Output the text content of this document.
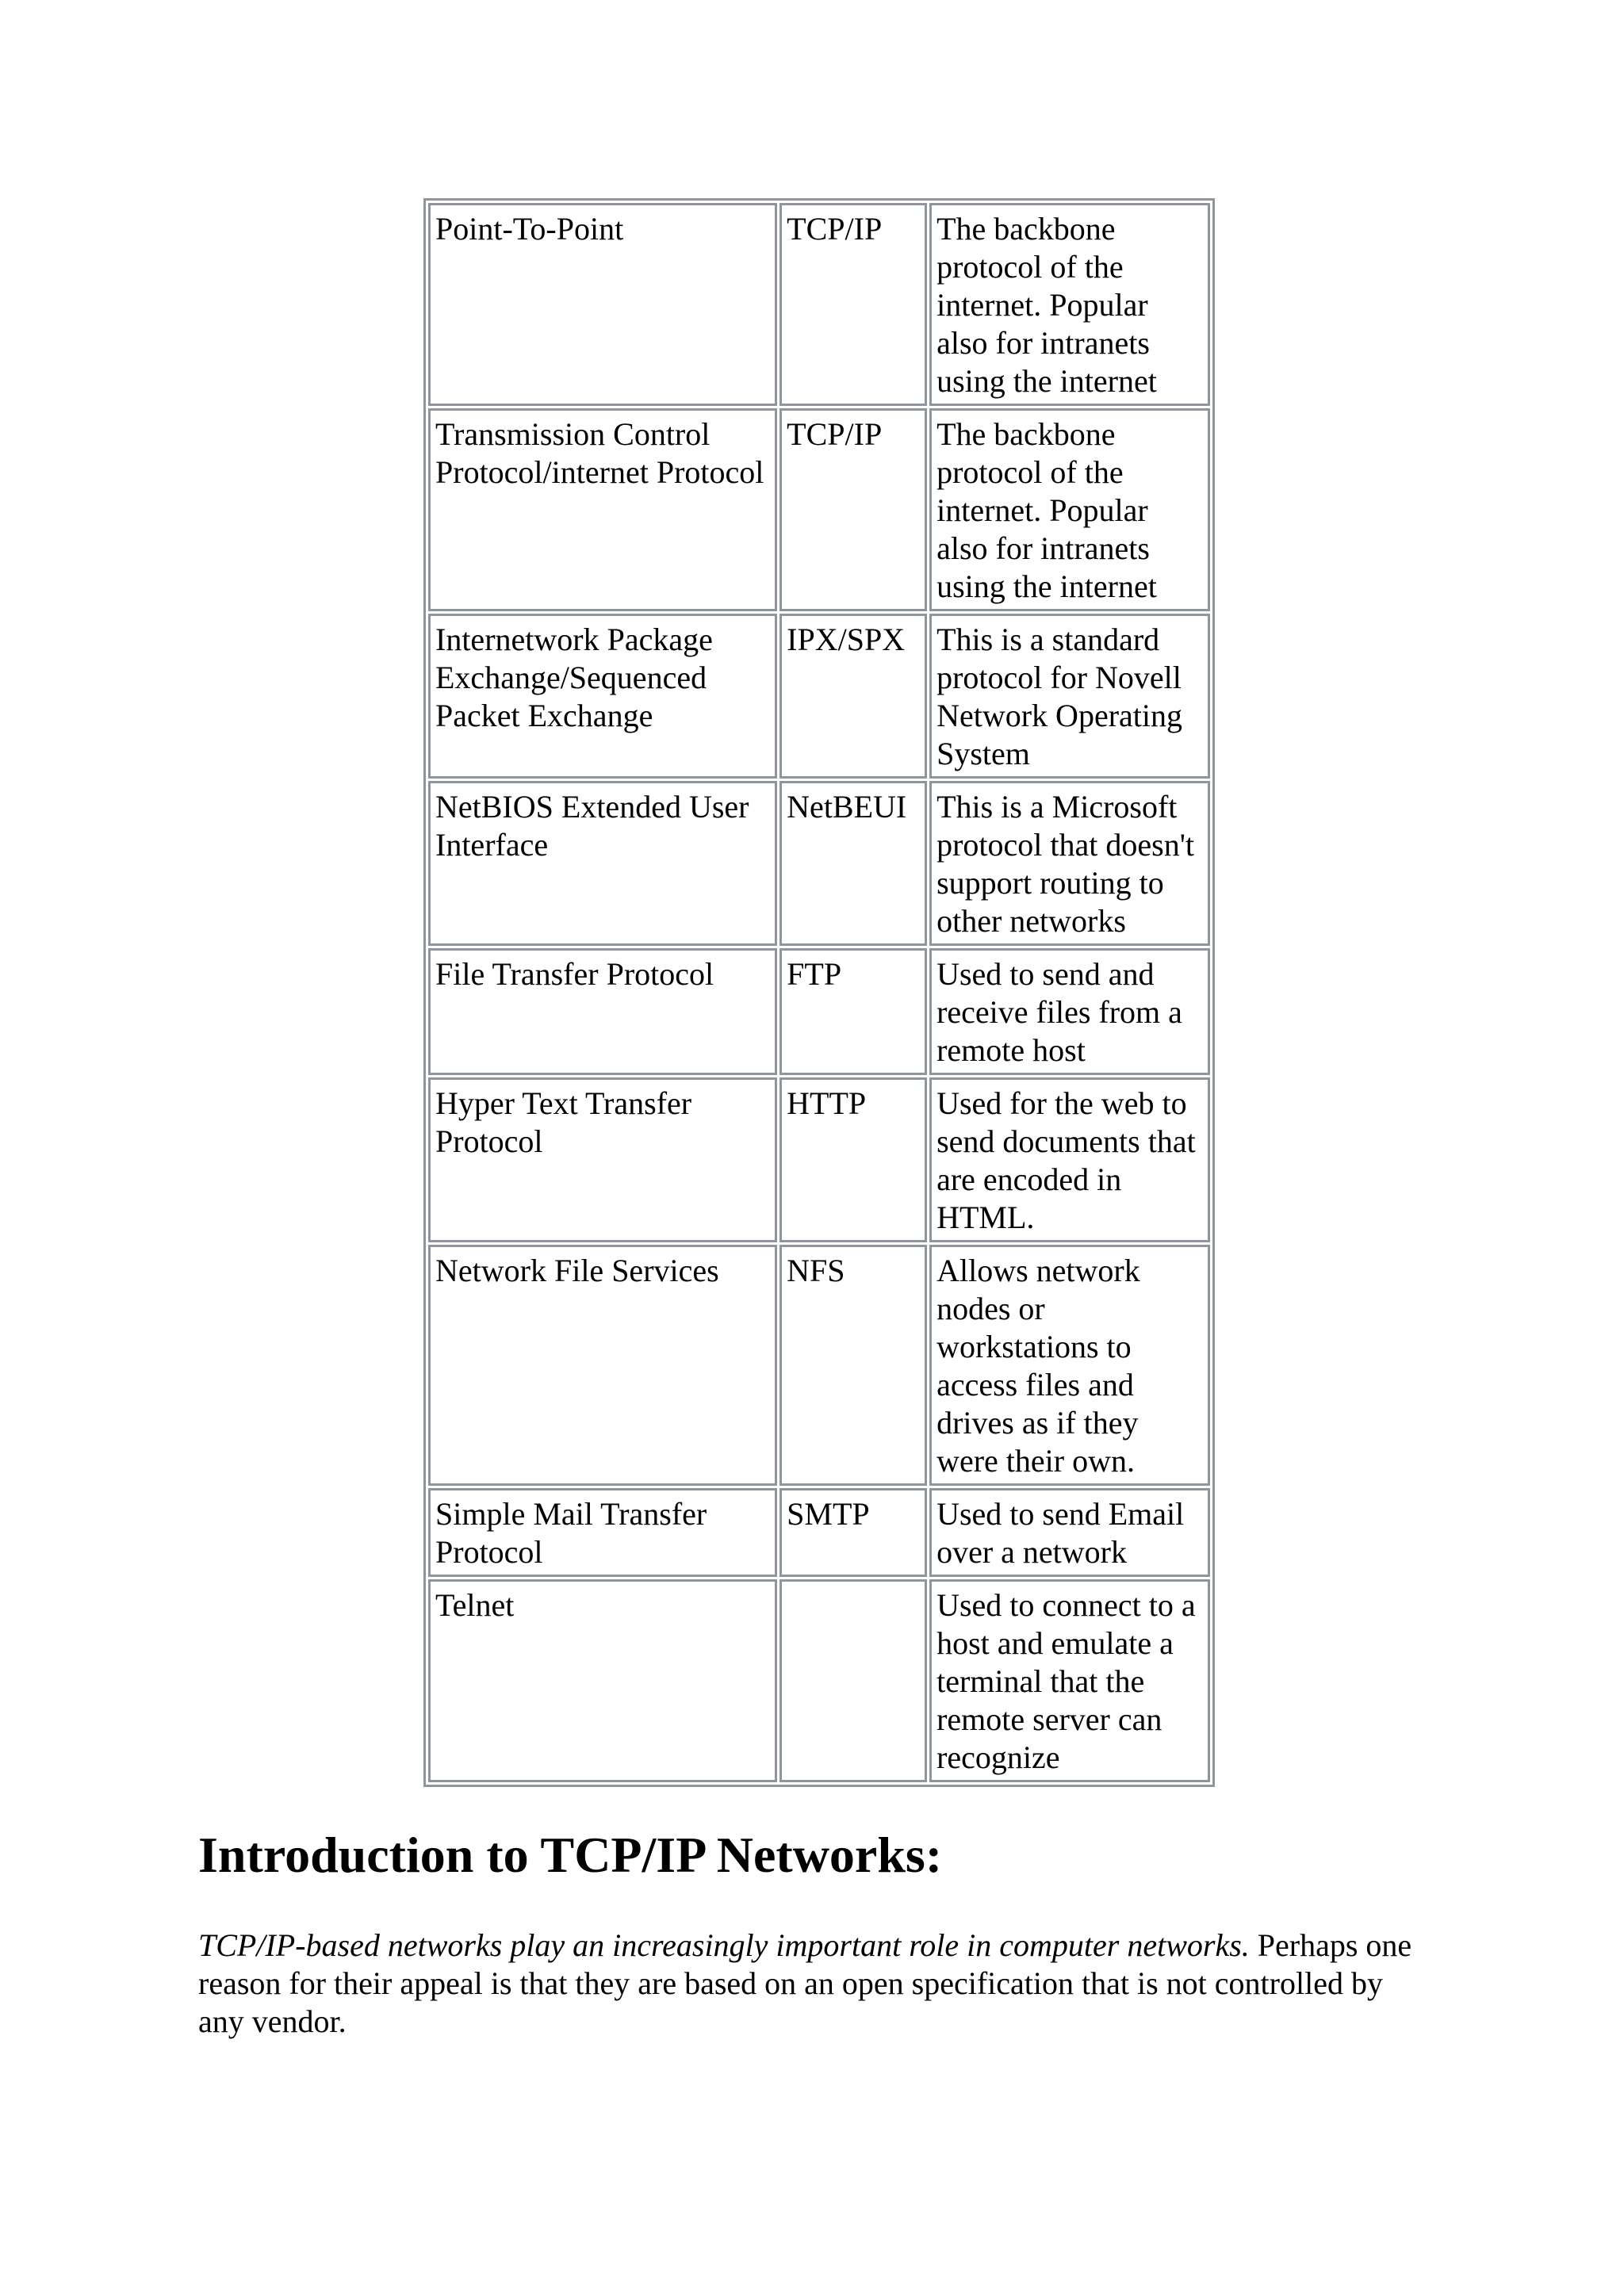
Point-To-Point	TCP/IP	The backbone protocol of the internet. Popular also for intranets using the internet
Transmission Control Protocol/internet Protocol	TCP/IP	The backbone protocol of the internet. Popular also for intranets using the internet
Internetwork Package Exchange/Sequenced Packet Exchange	IPX/SPX	This is a standard protocol for Novell Network Operating System
NetBIOS Extended User Interface	NetBEUI	This is a Microsoft protocol that doesn't support routing to other networks
File Transfer Protocol	FTP	Used to send and receive files from a remote host
Hyper Text Transfer Protocol	HTTP	Used for the web to send documents that are encoded in HTML.
Network File Services	NFS	Allows network nodes or workstations to access files and drives as if they were their own.
Simple Mail Transfer Protocol	SMTP	Used to send Email over a network
Telnet		Used to connect to a host and emulate a terminal that the remote server can recognize
Introduction to TCP/IP Networks:

TCP/IP-based networks play an increasingly important role in computer networks. Perhaps one reason for their appeal is that they are based on an open specification that is not controlled by any vendor.
